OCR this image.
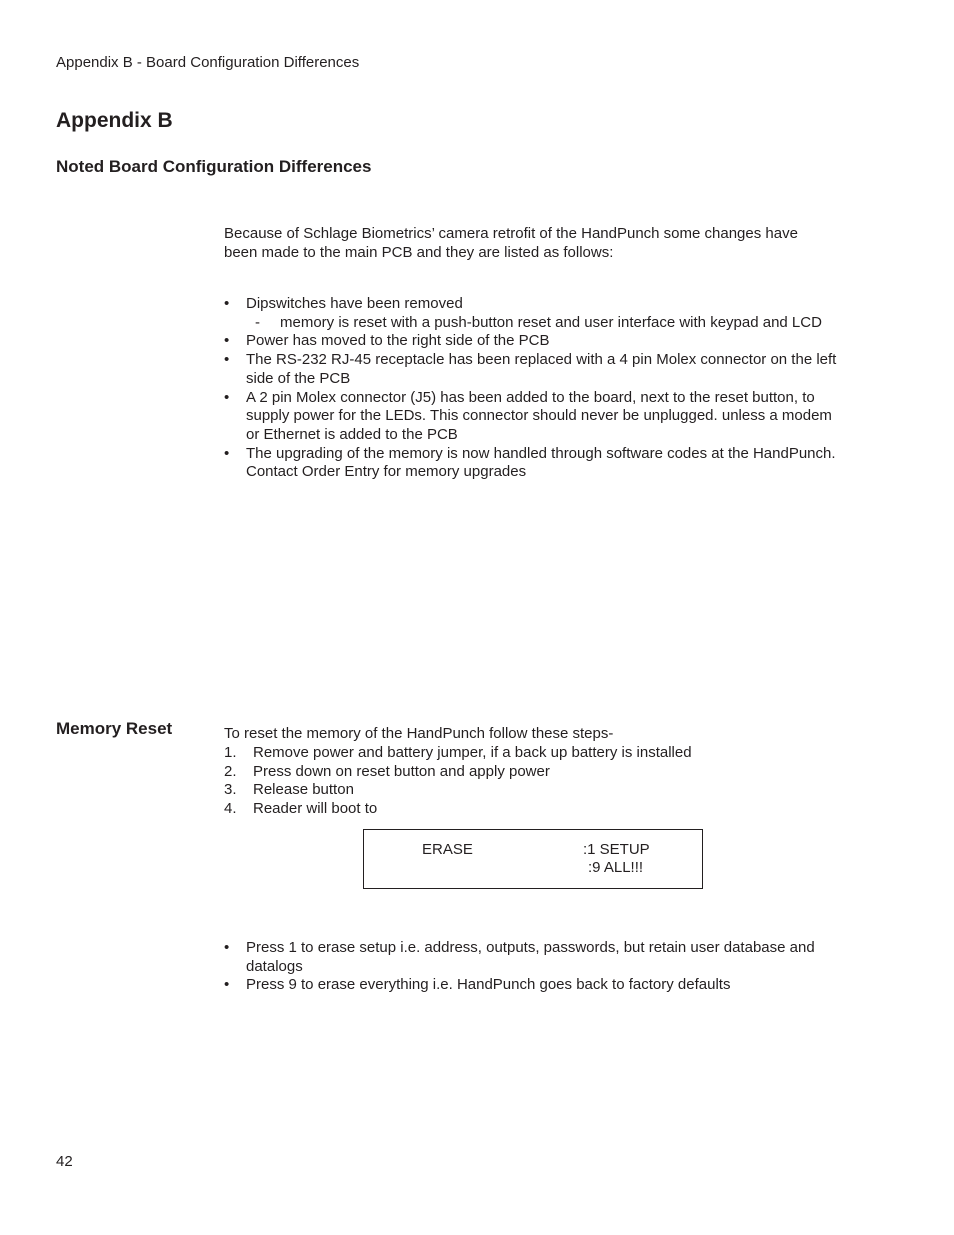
Appendix B - Board Configuration Differences
Appendix B
Noted Board Configuration Differences

Because of Schlage Biometrics’ camera retrofit of the HandPunch some changes have been made to the main PCB and they are listed as follows:

• Dipswitches have been removed
- memory is reset with a push-button reset and user interface with keypad and LCD
• Power has moved to the right side of the PCB
• The RS-232 RJ-45 receptacle has been replaced with a 4 pin Molex connector on the left side of the PCB
• A 2 pin Molex connector (J5) has been added to the board, next to the reset button, to supply power for the LEDs. This connector should never be unplugged. unless a modem or Ethernet is added to the PCB
• The upgrading of the memory is now handled through software codes at the HandPunch. Contact Order Entry for memory upgrades
Memory Reset	To reset the memory of the HandPunch follow these steps-
1. Remove power and battery jumper, if a back up battery is installed
2. Press down on reset button and apply power
3. Release button
4. Reader will boot to
ERASE	:1 SETUP
:9 ALL!!!
• Press 1 to erase setup i.e. address, outputs, passwords, but retain user database and datalogs
• Press 9 to erase everything i.e. HandPunch goes back to factory defaults
42
